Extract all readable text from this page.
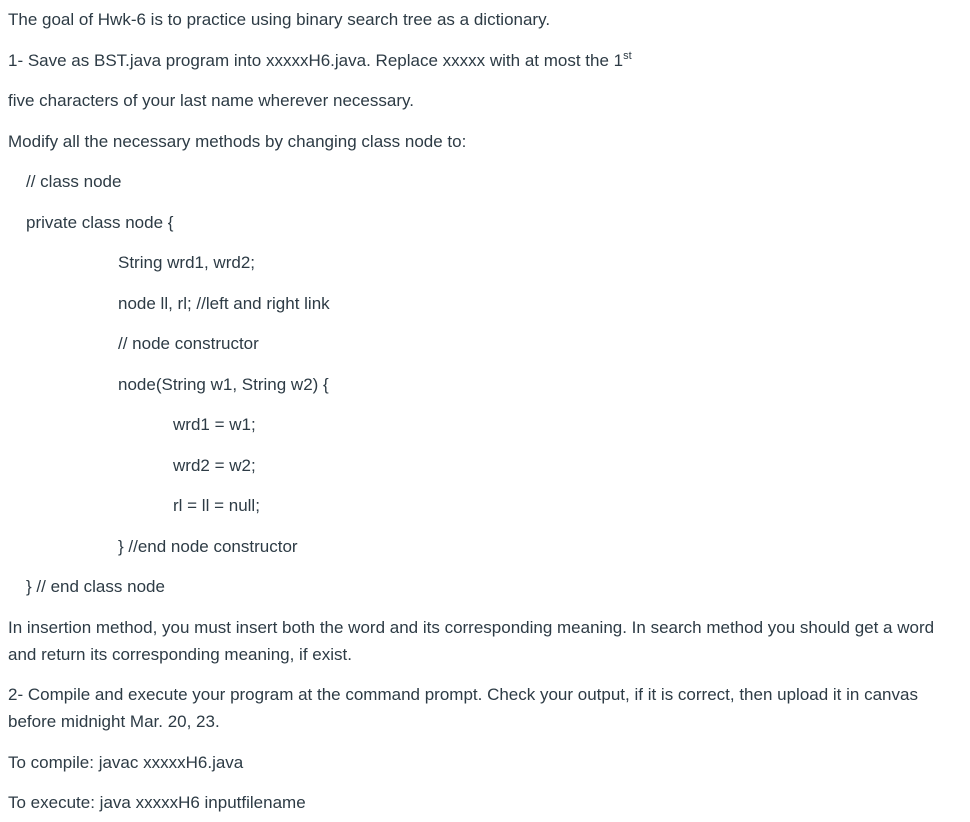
The goal of Hwk-6 is to practice using binary search tree as a dictionary.
1- Save as BST.java program into xxxxxH6.java. Replace xxxxx with at most the 1st
five characters of your last name wherever necessary.
Modify all the necessary methods by changing class node to:
// class node
private class node {
String wrd1, wrd2;
node ll, rl; //left and right link
// node constructor
node(String w1, String w2) {
wrd1 = w1;
wrd2 = w2;
rl = ll = null;
} //end node constructor
} // end class node
In insertion method, you must insert both the word and its corresponding meaning. In search method you should get a word and return its corresponding meaning, if exist.
2- Compile and execute your program at the command prompt. Check your output, if it is correct, then upload it in canvas before midnight Mar. 20, 23.
To compile: javac xxxxxH6.java
To execute: java xxxxxH6 inputfilename
